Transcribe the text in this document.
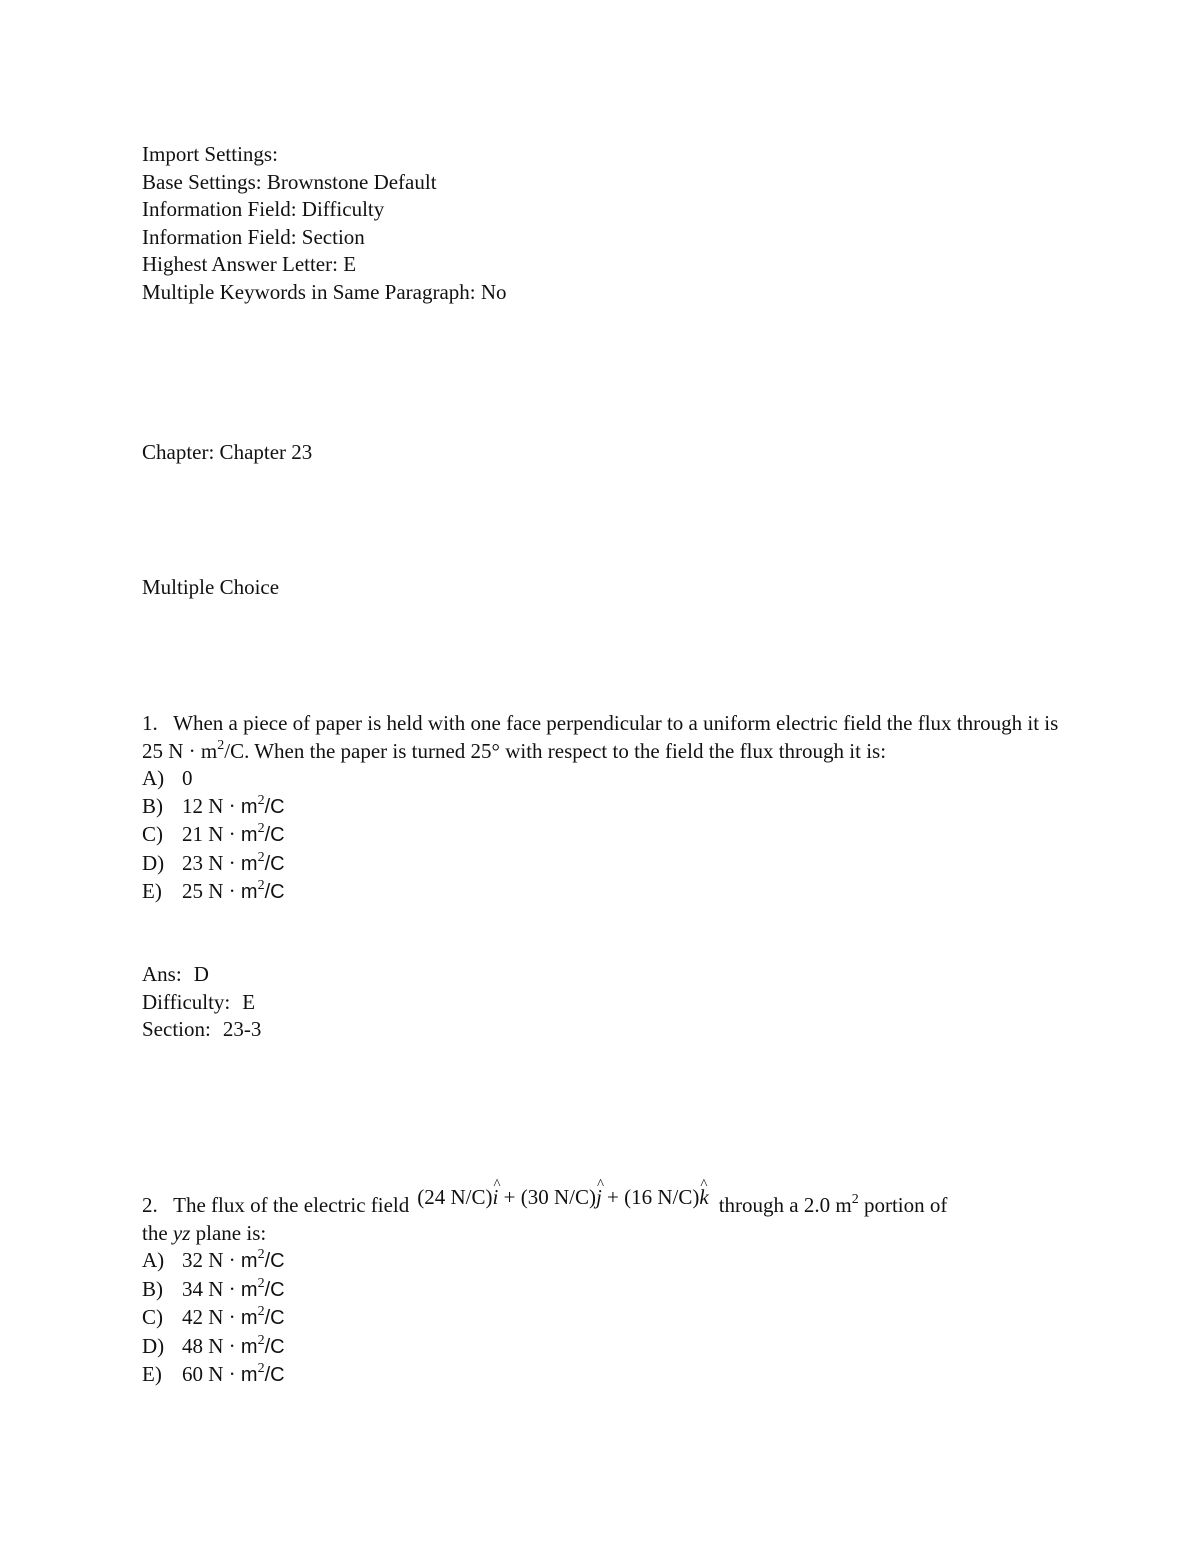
Import Settings:
Base Settings: Brownstone Default
Information Field: Difficulty
Information Field: Section
Highest Answer Letter: E
Multiple Keywords in Same Paragraph: No
Chapter: Chapter 23
Multiple Choice
1. When a piece of paper is held with one face perpendicular to a uniform electric field the flux through it is 25 $N \cdot m^2/C$. When the paper is turned 25° with respect to the field the flux through it is:
A) 0
B) 12 $N \cdot m^2/C$
C) 21 $N \cdot m^2/C$
D) 23 $N \cdot m^2/C$
E) 25 $N \cdot m^2/C$
Ans: D
Difficulty: E
Section: 23-3
2. The flux of the electric field (24 N/C)^ i + (30 N/C)^ j + (16 N/C)^ k through a 2.0 $m^2$ portion of
the yz plane is:
A) 32 $N \cdot m^2/C$
B) 34 $N \cdot m^2/C$
C) 42 $N \cdot m^2/C$
D) 48 $N \cdot m^2/C$
E) 60 $N \cdot m^2/C$
